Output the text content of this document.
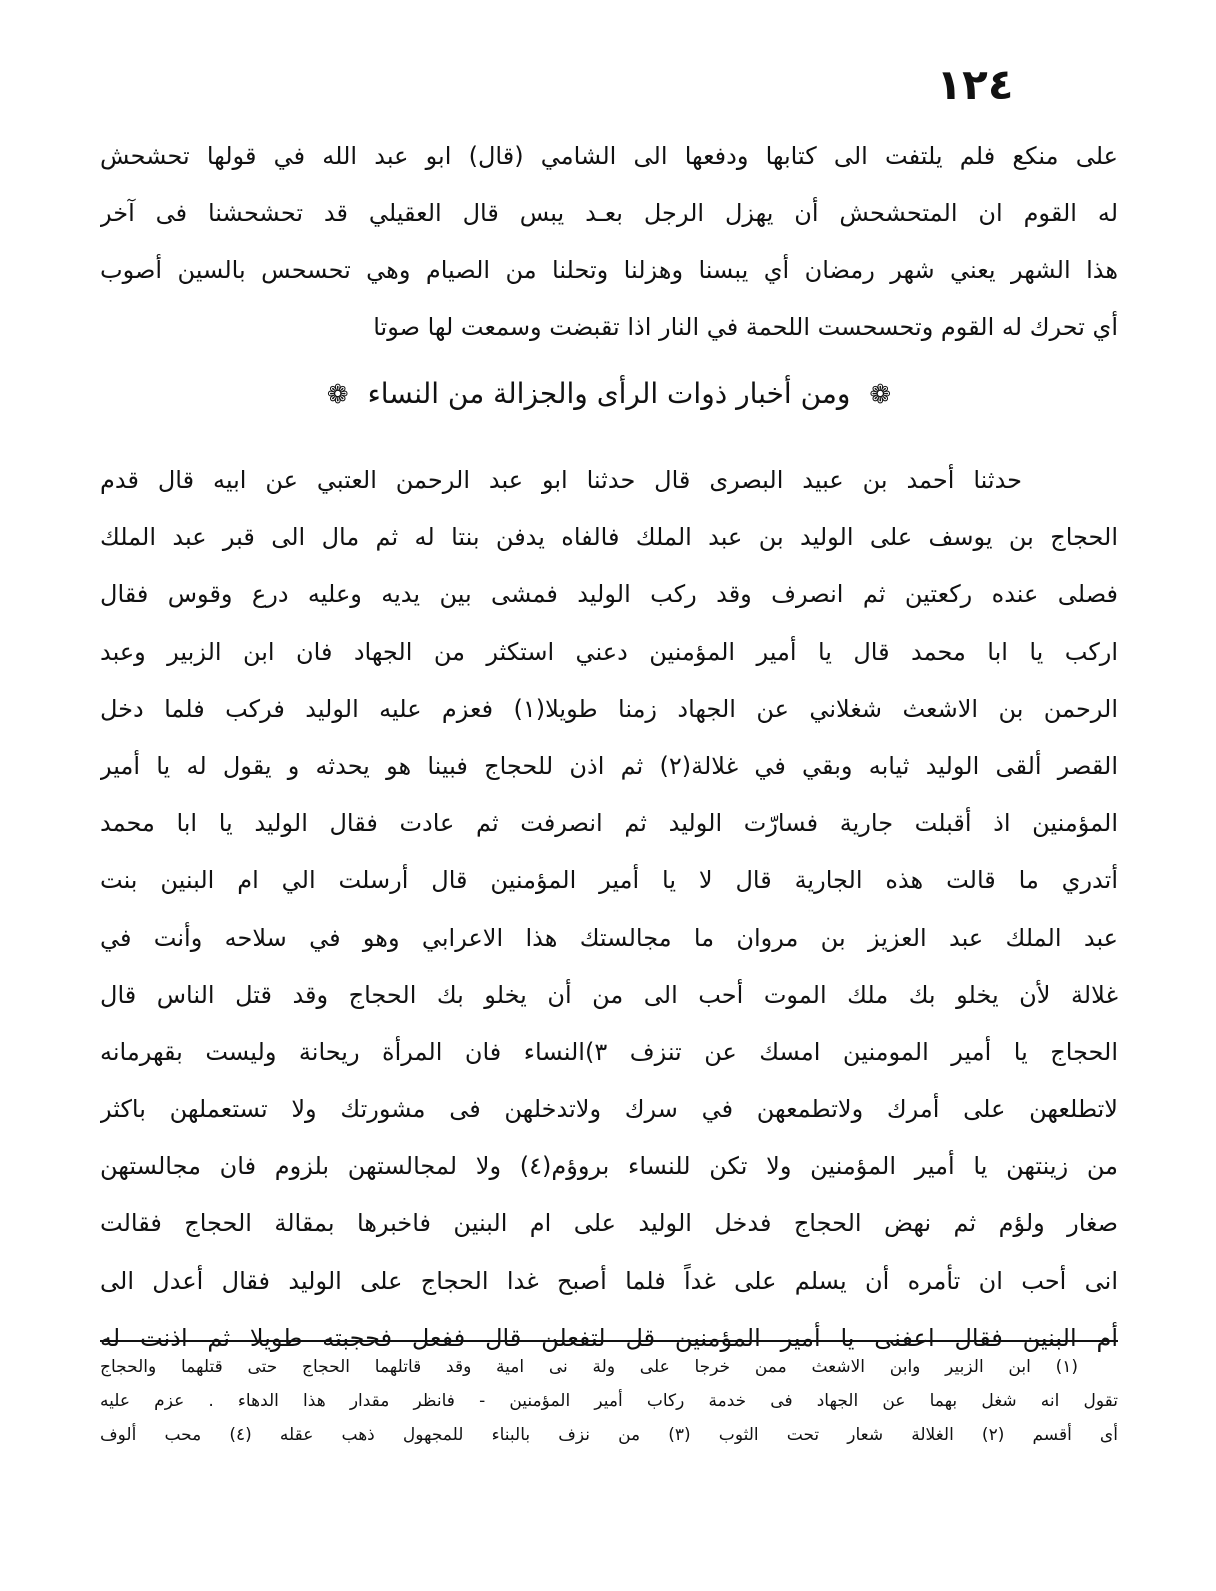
١٢٤
على منكع فلم يلتفت الى كتابها ودفعها الى الشامي (قال) ابو عبد الله في قولها تحشحش
له القوم ان المتحشحش أن يهزل الرجل بعـد يبس قال العقيلي قد تحشحشنا فى آخر
هذا الشهر يعني شهر رمضان أي يبسنا وهزلنا وتحلنا من الصيام وهي تحسحس بالسين أصوب
أي تحرك له القوم وتحسحست اللحمة في النار اذا تقبضت وسمعت لها صوتا
❁ ومن أخبار ذوات الرأى والجزالة من النساء ❁
حدثنا أحمد بن عبيد البصرى قال حدثنا ابو عبد الرحمن العتبي عن ابيه قال قدم
الحجاج بن يوسف على الوليد بن عبد الملك فالفاه يدفن بنتا له ثم مال الى قبر عبد الملك
فصلى عنده ركعتين ثم انصرف وقد ركب الوليد فمشى بين يديه وعليه درع وقوس فقال
اركب يا ابا محمد قال يا أمير المؤمنين دعني استكثر من الجهاد فان ابن الزبير وعبد
الرحمن بن الاشعث شغلاني عن الجهاد زمنا طويلا(١) فعزم عليه الوليد فركب فلما دخل
القصر ألقى الوليد ثيابه وبقي في غلالة(٢) ثم اذن للحجاج فبينا هو يحدثه و يقول له يا أمير
المؤمنين اذ أقبلت جارية فسارّت الوليد ثم انصرفت ثم عادت فقال الوليد يا ابا محمد
أتدري ما قالت هذه الجارية قال لا يا أمير المؤمنين قال أرسلت الي ام البنين بنت
عبد الملك عبد العزيز بن مروان ما مجالستك هذا الاعرابي وهو في سلاحه وأنت في
غلالة لأن يخلو بك ملك الموت أحب الى من أن يخلو بك الحجاج وقد قتل الناس قال
الحجاج يا أمير المومنين امسك عن تنزف ٣)النساء فان المرأة ريحانة وليست بقهرمانه
لاتطلعهن على أمرك ولاتطمعهن في سرك ولاتدخلهن فى مشورتك ولا تستعملهن باكثر
من زينتهن يا أمير المؤمنين ولا تكن للنساء بروؤم(٤) ولا لمجالستهن بلزوم فان مجالستهن
صغار ولؤم ثم نهض الحجاج فدخل الوليد على ام البنين فاخبرها بمقالة الحجاج فقالت
انى أحب ان تأمره أن يسلم على غداً فلما أصبح غدا الحجاج على الوليد فقال أعدل الى
أم البنين فقال اعفنى يا أمير المؤمنين قل لتفعلن قال ففعل فحجبته طويلا ثم اذنت له
(١) ابن الزبير وابن الاشعث ممن خرجا على ولة نى امية وقد قاتلهما الحجاج حتى قتلهما والحجاج
تقول انه شغل بهما عن الجهاد فى خدمة ركاب أمير المؤمنين - فانظر مقدار هذا الدهاء . عزم عليه
أى أقسم (٢) الغلالة شعار تحت الثوب (٣) من نزف بالبناء للمجهول ذهب عقله (٤) محب ألوف
